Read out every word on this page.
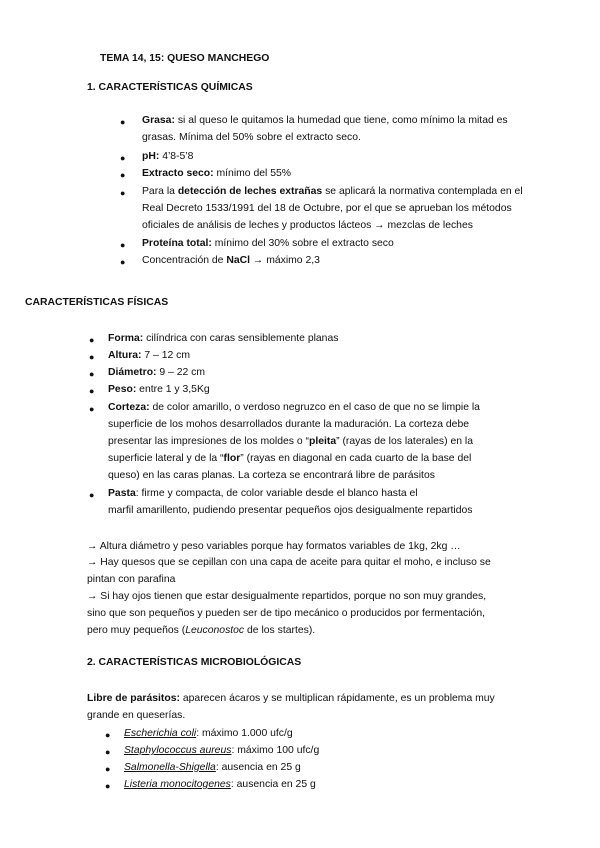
TEMA 14, 15: QUESO MANCHEGO
1. CARACTERÍSTICAS QUÍMICAS
● Grasa: si al queso le quitamos la humedad que tiene, como mínimo la mitad es
grasas. Mínima del 50% sobre el extracto seco.
● pH: 4’8-5’8
● Extracto seco: mínimo del 55%
● Para la detección de leches extrañas se aplicará la normativa contemplada en el
Real Decreto 1533/1991 del 18 de Octubre, por el que se aprueban los métodos
oficiales de análisis de leches y productos lácteos → mezclas de leches
● Proteína total: mínimo del 30% sobre el extracto seco
● Concentración de NaCl → máximo 2,3
CARACTERÍSTICAS FÍSICAS
● Forma: cilíndrica con caras sensiblemente planas
● Altura: 7 – 12 cm
● Diámetro: 9 – 22 cm
● Peso: entre 1 y 3,5Kg
● Corteza: de color amarillo, o verdoso negruzco en el caso de que no se limpie la
superficie de los mohos desarrollados durante la maduración. La corteza debe
presentar las impresiones de los moldes o “pleita” (rayas de los laterales) en la
superficie lateral y de la “flor” (rayas en diagonal en cada cuarto de la base del
queso) en las caras planas. La corteza se encontrará libre de parásitos
● Pasta: firme y compacta, de color variable desde el blanco hasta el
marfil amarillento, pudiendo presentar pequeños ojos desigualmente repartidos
→ Altura diámetro y peso variables porque hay formatos variables de 1kg, 2kg …
→ Hay quesos que se cepillan con una capa de aceite para quitar el moho, e incluso se
pintan con parafina
→ Si hay ojos tienen que estar desigualmente repartidos, porque no son muy grandes,
sino que son pequeños y pueden ser de tipo mecánico o producidos por fermentación,
pero muy pequeños (Leuconostoc de los startes).
2. CARACTERÍSTICAS MICROBIOLÓGICAS
Libre de parásitos: aparecen ácaros y se multiplican rápidamente, es un problema muy
grande en queserías.
● Escherichia coli: máximo 1.000 ufc/g
● Staphylococcus aureus: máximo 100 ufc/g
● Salmonella-Shigella: ausencia en 25 g
● Listeria monocitogenes: ausencia en 25 g
